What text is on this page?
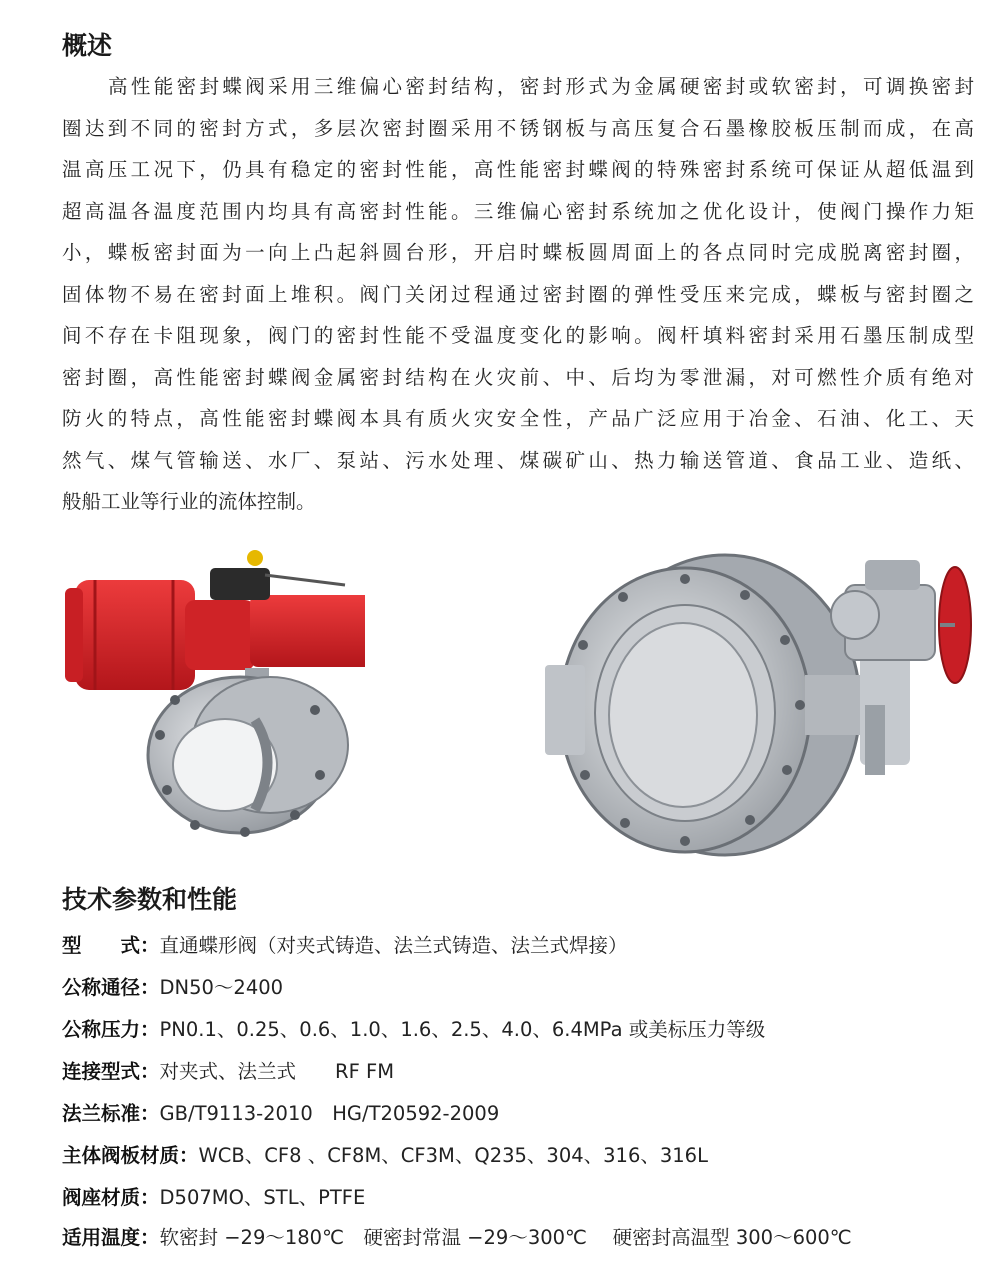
概述
高性能密封蝶阀采用三维偏心密封结构，密封形式为金属硬密封或软密封，可调换密封
圈达到不同的密封方式，多层次密封圈采用不锈钢板与高压复合石墨橡胶板压制而成，在高
温高压工况下，仍具有稳定的密封性能，高性能密封蝶阀的特殊密封系统可保证从超低温到
超高温各温度范围内均具有高密封性能。三维偏心密封系统加之优化设计，使阀门操作力矩
小，蝶板密封面为一向上凸起斜圆台形，开启时蝶板圆周面上的各点同时完成脱离密封圈，
固体物不易在密封面上堆积。阀门关闭过程通过密封圈的弹性受压来完成，蝶板与密封圈之
间不存在卡阻现象，阀门的密封性能不受温度变化的影响。阀杆填料密封采用石墨压制成型
密封圈，高性能密封蝶阀金属密封结构在火灾前、中、后均为零泄漏，对可燃性介质有绝对
防火的特点，高性能密封蝶阀本具有质火灾安全性，产品广泛应用于冶金、石油、化工、天
然气、煤气管输送、水厂、泵站、污水处理、煤碳矿山、热力输送管道、食品工业、造纸、
般船工业等行业的流体控制。
技术参数和性能
型　　式：直通蝶形阀（对夹式铸造、法兰式铸造、法兰式焊接）
公称通径：DN50～2400
公称压力：PN0.1、0.25、0.6、1.0、1.6、2.5、4.0、6.4MPa 或美标压力等级
连接型式：对夹式、法兰式　　RF FM
法兰标准：GB/T9113-2010　HG/T20592-2009
主体阀板材质：WCB、CF8 、CF8M、CF3M、Q235、304、316、316L
阀座材质：D507MO、STL、PTFE
适用温度：软密封 −29～180℃　硬密封常温 −29～300℃　 硬密封高温型 300～600℃
